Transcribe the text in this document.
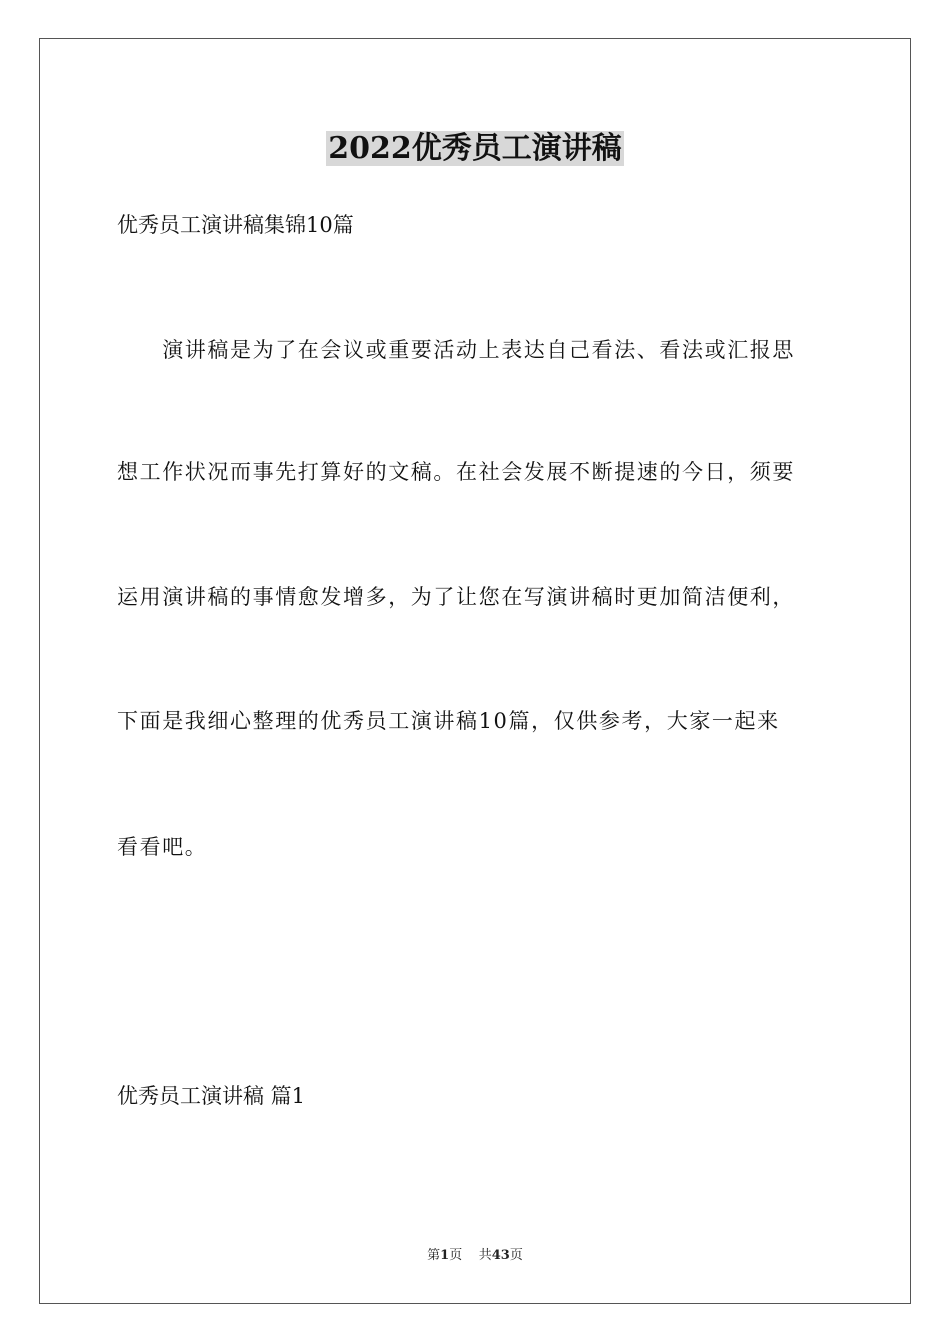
2022优秀员工演讲稿
优秀员工演讲稿集锦10篇
　　演讲稿是为了在会议或重要活动上表达自己看法、看法或汇报思
想工作状况而事先打算好的文稿。在社会发展不断提速的今日，须要
运用演讲稿的事情愈发增多，为了让您在写演讲稿时更加简洁便利，
下面是我细心整理的优秀员工演讲稿10篇，仅供参考，大家一起来
看看吧。
优秀员工演讲稿 篇1
第1页 共43页
